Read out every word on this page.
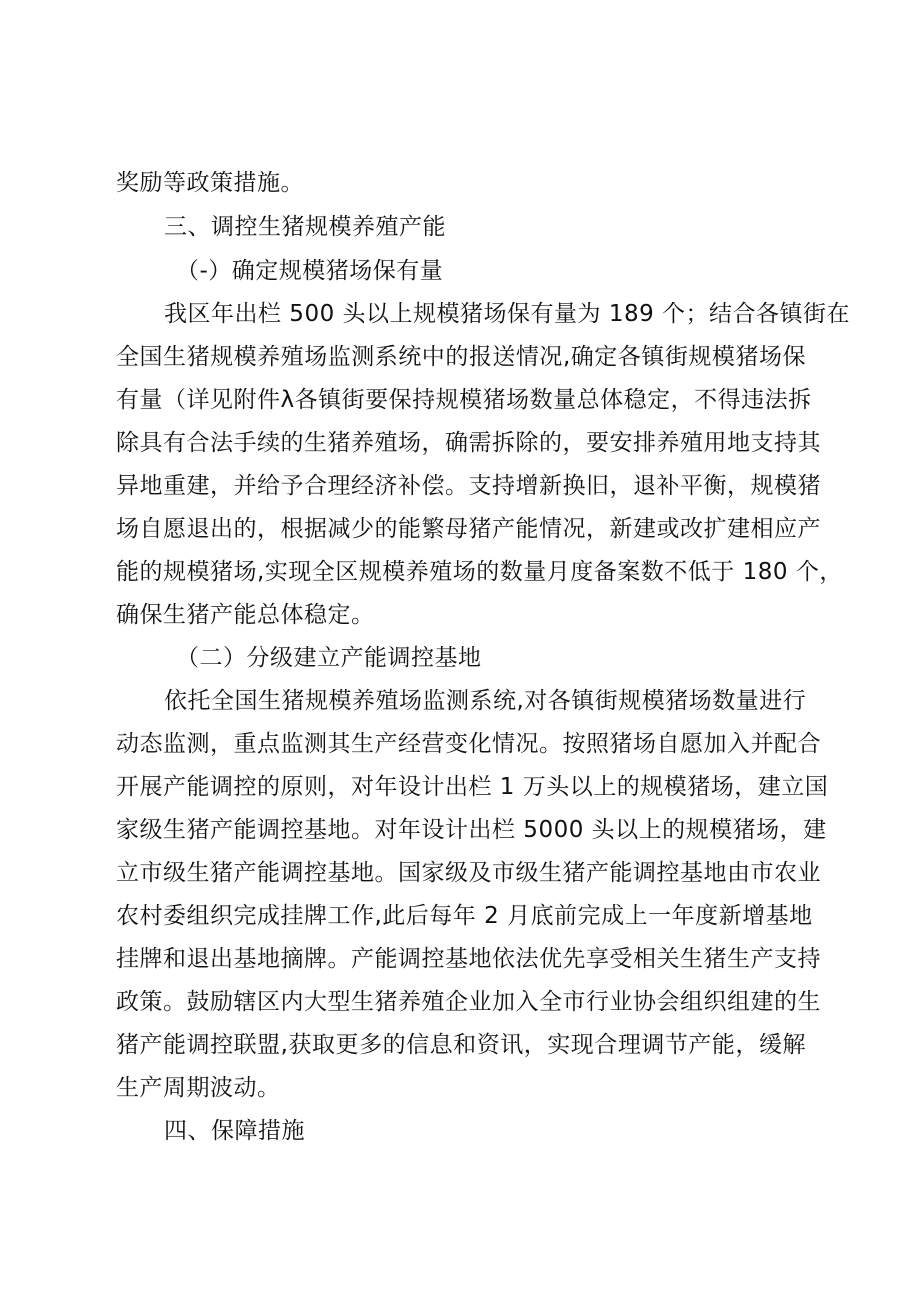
奖励等政策措施。
三、调控生猪规模养殖产能
（-）确定规模猪场保有量
我区年出栏 500 头以上规模猪场保有量为 189 个；结合各镇街在
全国生猪规模养殖场监测系统中的报送情况,确定各镇街规模猪场保
有量（详见附件λ各镇街要保持规模猪场数量总体稳定，不得违法拆
除具有合法手续的生猪养殖场，确需拆除的，要安排养殖用地支持其
异地重建，并给予合理经济补偿。支持增新换旧，退补平衡，规模猪
场自愿退出的，根据减少的能繁母猪产能情况，新建或改扩建相应产
能的规模猪场,实现全区规模养殖场的数量月度备案数不低于 180 个，
确保生猪产能总体稳定。
（二）分级建立产能调控基地
依托全国生猪规模养殖场监测系统,对各镇街规模猪场数量进行
动态监测，重点监测其生产经营变化情况。按照猪场自愿加入并配合
开展产能调控的原则，对年设计出栏 1 万头以上的规模猪场，建立国
家级生猪产能调控基地。对年设计出栏 5000 头以上的规模猪场，建
立市级生猪产能调控基地。国家级及市级生猪产能调控基地由市农业
农村委组织完成挂牌工作,此后每年 2 月底前完成上一年度新增基地
挂牌和退出基地摘牌。产能调控基地依法优先享受相关生猪生产支持
政策。鼓励辖区内大型生猪养殖企业加入全市行业协会组织组建的生
猪产能调控联盟,获取更多的信息和资讯，实现合理调节产能，缓解
生产周期波动。
四、保障措施
